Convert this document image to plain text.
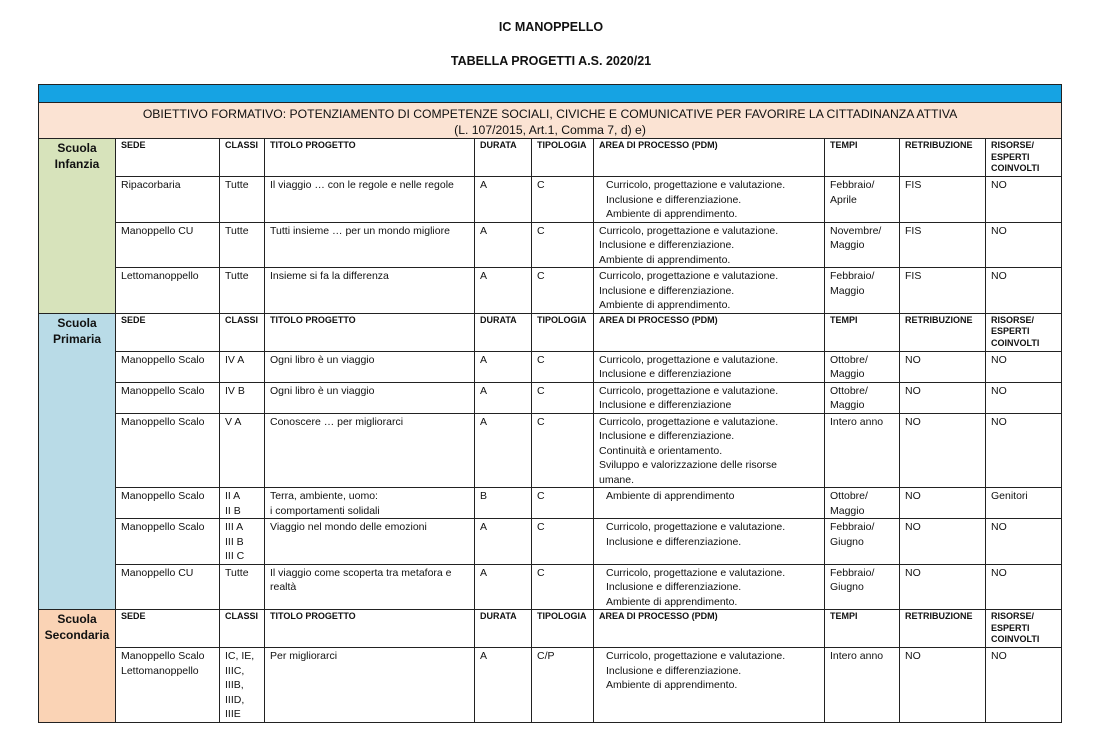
IC MANOPPELLO
TABELLA PROGETTI A.S. 2020/21

OBIETTIVO FORMATIVO: POTENZIAMENTO DI COMPETENZE SOCIALI, CIVICHE E COMUNICATIVE PER FAVORIRE LA CITTADINANZA ATTIVA
(L. 107/2015, Art.1, Comma 7, d) e)									

Scuola
Infanzia	SEDE	CLASSI	TITOLO PROGETTO	DURATA	TIPOLOGIA	AREA DI PROCESSO (PDM)	TEMPI	RETRIBUZIONE	RISORSE/
ESPERTI
COINVOLTI

	Ripacorbaria	Tutte	Il viaggio … con le regole e nelle regole	A	C	Curricolo, progettazione e valutazione.
Inclusione e differenziazione.
Ambiente di apprendimento.	Febbraio/
Aprile	FIS	NO

	Manoppello CU	Tutte	Tutti insieme … per un mondo migliore	A	C	Curricolo, progettazione e valutazione.
Inclusione e differenziazione.
Ambiente di apprendimento.	Novembre/
Maggio	FIS	NO

	Lettomanoppello	Tutte	Insieme si fa la differenza	A	C	Curricolo, progettazione e valutazione.
Inclusione e differenziazione.
Ambiente di apprendimento.	Febbraio/
Maggio	FIS	NO

Scuola
Primaria	SEDE	CLASSI	TITOLO PROGETTO	DURATA	TIPOLOGIA	AREA DI PROCESSO (PDM)	TEMPI	RETRIBUZIONE	RISORSE/
ESPERTI
COINVOLTI

	Manoppello Scalo	IV A	Ogni libro è un viaggio	A	C	Curricolo, progettazione e valutazione.
Inclusione e differenziazione	Ottobre/
Maggio	NO	NO

	Manoppello Scalo	IV B	Ogni libro è un viaggio	A	C	Curricolo, progettazione e valutazione.
Inclusione e differenziazione	Ottobre/
Maggio	NO	NO

	Manoppello Scalo	V A	Conoscere … per migliorarci	A	C	Curricolo, progettazione e valutazione.
Inclusione e differenziazione.
Continuità e orientamento.
Sviluppo e valorizzazione delle risorse
umane.	Intero anno	NO	NO

	Manoppello Scalo	II A
II B	Terra, ambiente, uomo:
i comportamenti solidali	B	C	Ambiente di apprendimento	Ottobre/
Maggio	NO	Genitori

	Manoppello Scalo	III A
III B
III C	Viaggio nel mondo delle emozioni	A	C	Curricolo, progettazione e valutazione.
Inclusione e differenziazione.	Febbraio/
Giugno	NO	NO

	Manoppello CU	Tutte	Il viaggio come scoperta tra metafora e
realtà	A	C	Curricolo, progettazione e valutazione.
Inclusione e differenziazione.
Ambiente di apprendimento.	Febbraio/
Giugno	NO	NO

Scuola
Secondaria	SEDE	CLASSI	TITOLO PROGETTO	DURATA	TIPOLOGIA	AREA DI PROCESSO (PDM)	TEMPI	RETRIBUZIONE	RISORSE/
ESPERTI
COINVOLTI

	Manoppello Scalo
Lettomanoppello	IC, IE,
IIIC,
IIIB,
IIID,
IIIE	Per migliorarci	A	C/P	Curricolo, progettazione e valutazione.
Inclusione e differenziazione.
Ambiente di apprendimento.	Intero anno	NO	NO
